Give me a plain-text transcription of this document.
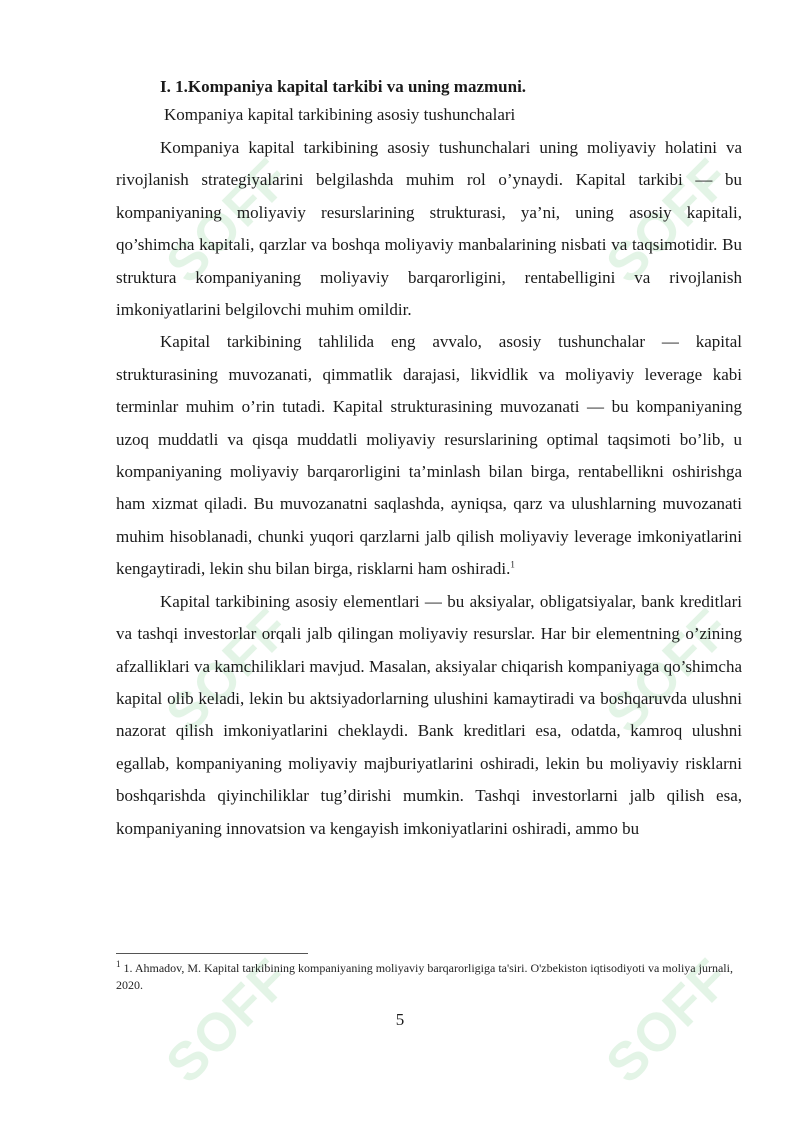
SOFF	SOFF
SOFF	SOFF
SOFF	SOFF
I. 1.Kompaniya kapital tarkibi va uning mazmuni.
Kompaniya kapital tarkibining asosiy tushunchalari

Kompaniya kapital tarkibining asosiy tushunchalari uning moliyaviy holatini va rivojlanish strategiyalarini belgilashda muhim rol o’ynaydi. Kapital tarkibi — bu kompaniyaning moliyaviy resurslarining strukturasi, ya’ni, uning asosiy kapitali, qo’shimcha kapitali, qarzlar va boshqa moliyaviy manbalarining nisbati va taqsimotidir. Bu struktura kompaniyaning moliyaviy barqarorligini, rentabelligini va rivojlanish imkoniyatlarini belgilovchi muhim omildir.

Kapital tarkibining tahlilida eng avvalo, asosiy tushunchalar — kapital strukturasining muvozanati, qimmatlik darajasi, likvidlik va moliyaviy leverage kabi terminlar muhim o’rin tutadi. Kapital strukturasining muvozanati — bu kompaniyaning uzoq muddatli va qisqa muddatli moliyaviy resurslarining optimal taqsimoti bo’lib, u kompaniyaning moliyaviy barqarorligini ta’minlash bilan birga, rentabellikni oshirishga ham xizmat qiladi. Bu muvozanatni saqlashda, ayniqsa, qarz va ulushlarning muvozanati muhim hisoblanadi, chunki yuqori qarzlarni jalb qilish moliyaviy leverage imkoniyatlarini kengaytiradi, lekin shu bilan birga, risklarni ham oshiradi.$^1$

Kapital tarkibining asosiy elementlari — bu aksiyalar, obligatsiyalar, bank kreditlari va tashqi investorlar orqali jalb qilingan moliyaviy resurslar. Har bir elementning o’zining afzalliklari va kamchiliklari mavjud. Masalan, aksiyalar chiqarish kompaniyaga qo’shimcha kapital olib keladi, lekin bu aktsiyadorlarning ulushini kamaytiradi va boshqaruvda ulushni nazorat qilish imkoniyatlarini cheklaydi. Bank kreditlari esa, odatda, kamroq ulushni egallab, kompaniyaning moliyaviy majburiyatlarini oshiradi, lekin bu moliyaviy risklarni boshqarishda qiyinchiliklar tug’dirishi mumkin. Tashqi investorlarni jalb qilish esa, kompaniyaning innovatsion va kengayish imkoniyatlarini oshiradi, ammo bu

$^1$ 1. Ahmadov, M. Kapital tarkibining kompaniyaning moliyaviy barqarorligiga ta'siri. O'zbekiston iqtisodiyoti va moliya jurnali, 2020.
5
